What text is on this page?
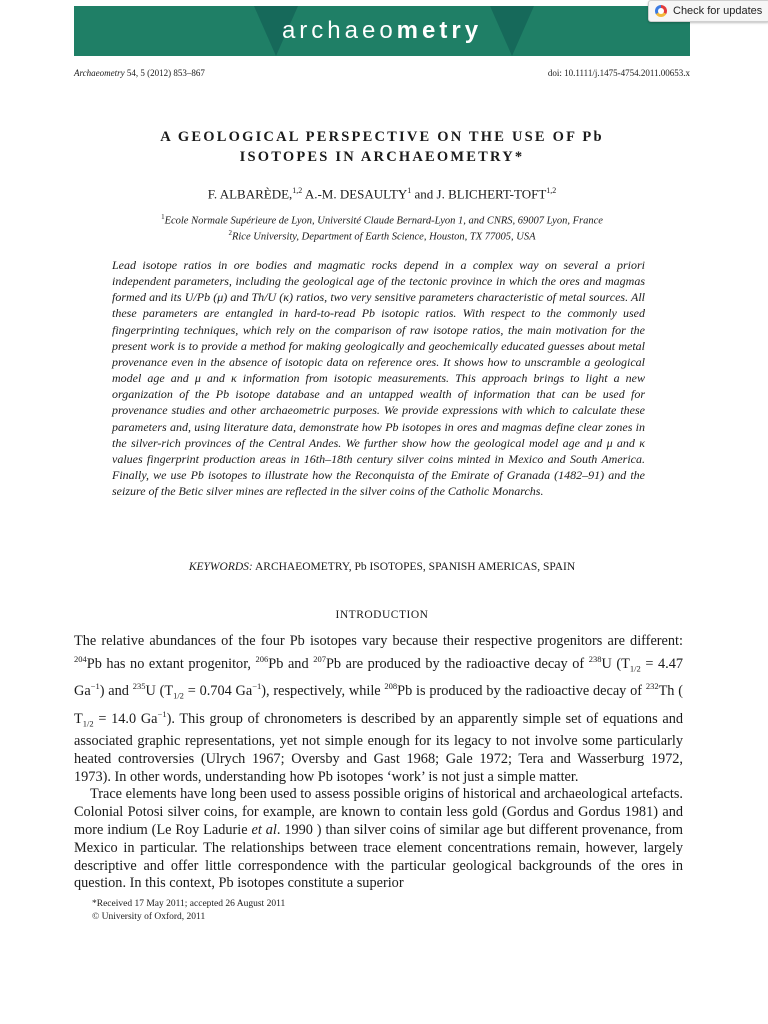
archaeometry
Check for updates
Archaeometry 54, 5 (2012) 853–867	doi: 10.1111/j.1475-4754.2011.00653.x
A GEOLOGICAL PERSPECTIVE ON THE USE OF Pb
ISOTOPES IN ARCHAEOMETRY*
F. ALBARÈDE,$^{1,2}$ A.-M. DESAULTY$^1$ and J. BLICHERT-TOFT$^{1,2}$
$^1$Ecole Normale Supérieure de Lyon, Université Claude Bernard-Lyon 1, and CNRS, 69007 Lyon, France
$^2$Rice University, Department of Earth Science, Houston, TX 77005, USA
Lead isotope ratios in ore bodies and magmatic rocks depend in a complex way on several a priori independent parameters, including the geological age of the tectonic province in which the ores and magmas formed and its U/Pb (μ) and Th/U (κ) ratios, two very sensitive parameters characteristic of metal sources. All these parameters are entangled in hard-to-read Pb isotopic ratios. With respect to the commonly used fingerprinting techniques, which rely on the comparison of raw isotope ratios, the main motivation for the present work is to provide a method for making geologically and geochemically educated guesses about metal provenance even in the absence of isotopic data on reference ores. It shows how to unscramble a geological model age and μ and κ information from isotopic measurements. This approach brings to light a new organization of the Pb isotope database and an untapped wealth of information that can be used for provenance studies and other archaeometric purposes. We provide expressions with which to calculate these parameters and, using literature data, demonstrate how Pb isotopes in ores and magmas define clear zones in the silver-rich provinces of the Central Andes. We further show how the geological model age and μ and κ values fingerprint production areas in 16th–18th century silver coins minted in Mexico and South America. Finally, we use Pb isotopes to illustrate how the Reconquista of the Emirate of Granada (1482–91) and the seizure of the Betic silver mines are reflected in the silver coins of the Catholic Monarchs.
KEYWORDS: ARCHAEOMETRY, Pb ISOTOPES, SPANISH AMERICAS, SPAIN
INTRODUCTION

The relative abundances of the four Pb isotopes vary because their respective progenitors are different: $^{204}$Pb has no extant progenitor, $^{206}$Pb and $^{207}$Pb are produced by the radioactive decay of $^{238}$U ($T_{1/2} = 4.47$ $Ga^{-1}$) and $^{235}$U ($T_{1/2} = 0.704$ $Ga^{-1}$), respectively, while $^{208}$Pb is produced by the radioactive decay of $^{232}$Th ( $T_{1/2} = 14.0$ $Ga^{-1}$). This group of chronometers is described by an apparently simple set of equations and associated graphic representations, yet not simple enough for its legacy to not involve some particularly heated controversies (Ulrych 1967; Oversby and Gast 1968; Gale 1972; Tera and Wasserburg 1972, 1973). In other words, understanding how Pb isotopes ‘work’ is not just a simple matter.

Trace elements have long been used to assess possible origins of historical and archaeological artefacts. Colonial Potosi silver coins, for example, are known to contain less gold (Gordus and Gordus 1981) and more indium (Le Roy Ladurie et al. 1990 ) than silver coins of similar age but different provenance, from Mexico in particular. The relationships between trace element concentrations remain, however, largely descriptive and offer little correspondence with the particular geological backgrounds of the ores in question. In this context, Pb isotopes constitute a superior

*Received 17 May 2011; accepted 26 August 2011
© University of Oxford, 2011
